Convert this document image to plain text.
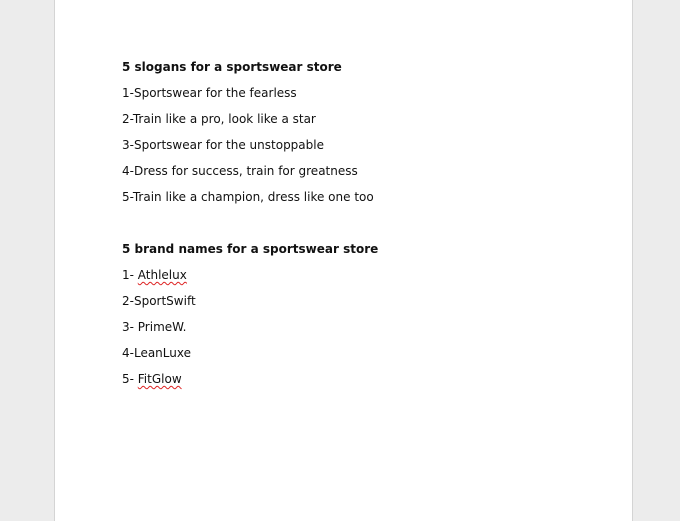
5 slogans for a sportswear store
1-Sportswear for the fearless
2-Train like a pro, look like a star
3-Sportswear for the unstoppable
4-Dress for success, train for greatness
5-Train like a champion, dress like one too
5 brand names for a sportswear store
1- Athlelux
2-SportSwift
3- PrimeW.
4-LeanLuxe
5- FitGlow
